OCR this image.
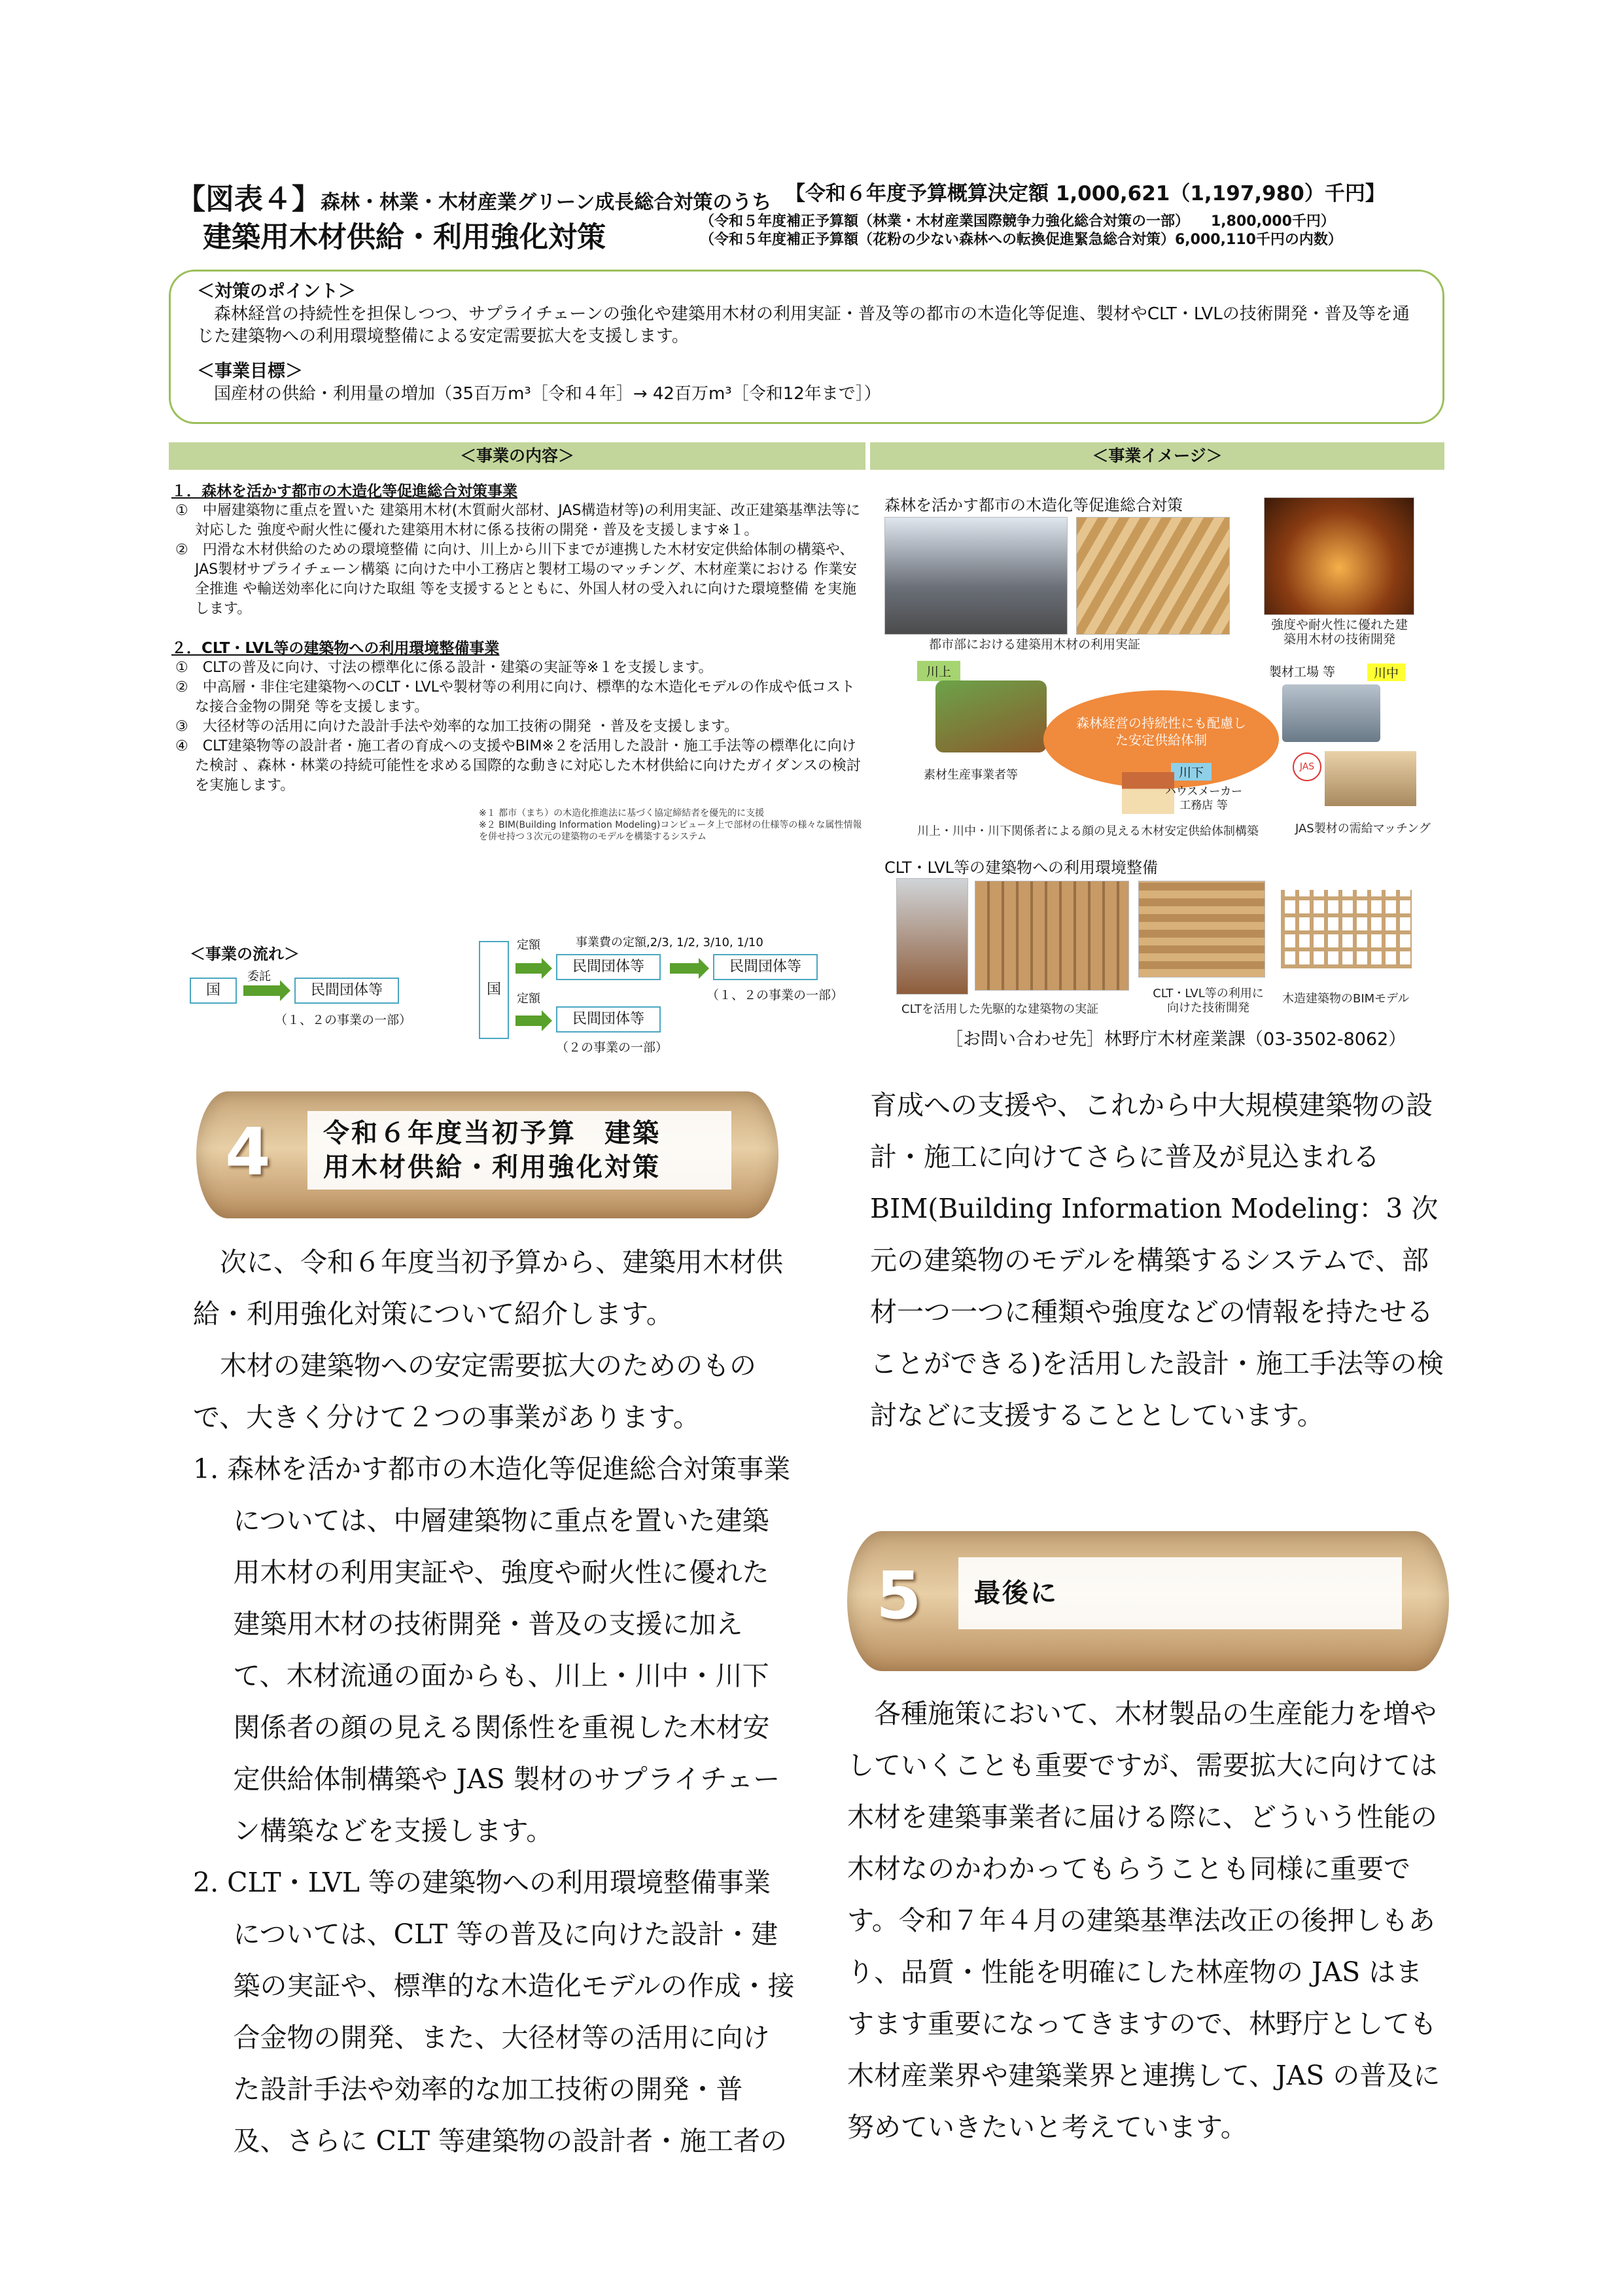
【図表４】森林・林業・木材産業グリーン成長総合対策のうち
建築用木材供給・利用強化対策
【令和６年度予算概算決定額 1,000,621（1,197,980）千円】
（令和５年度補正予算額（林業・木材産業国際競争力強化総合対策の一部）　　1,800,000千円）
（令和５年度補正予算額（花粉の少ない森林への転換促進緊急総合対策）6,000,110千円の内数）
＜対策のポイント＞
森林経営の持続性を担保しつつ、サプライチェーンの強化や建築用木材の利用実証・普及等の都市の木造化等促進、製材やCLT・LVLの技術開発・普及等を通じた建築物への利用環境整備による安定需要拡大を支援します。
＜事業目標＞
国産材の供給・利用量の増加（35百万m³［令和４年］→ 42百万m³［令和12年まで］）
＜事業の内容＞	＜事業イメージ＞
１．森林を活かす都市の木造化等促進総合対策事業
①　中層建築物に重点を置いた 建築用木材(木質耐火部材、JAS構造材等)の利用実証、改正建築基準法等に対応した 強度や耐火性に優れた建築用木材に係る技術の開発・普及を支援します※１。
②　円滑な木材供給のための環境整備 に向け、川上から川下までが連携した木材安定供給体制の構築や、JAS製材サプライチェーン構築 に向けた中小工務店と製材工場のマッチング、木材産業における 作業安全推進 や輸送効率化に向けた取組 等を支援するとともに、外国人材の受入れに向けた環境整備 を実施します。
２．CLT・LVL等の建築物への利用環境整備事業
①　CLTの普及に向け、寸法の標準化に係る設計・建築の実証等※１を支援します。
②　中高層・非住宅建築物へのCLT・LVLや製材等の利用に向け、標準的な木造化モデルの作成や低コストな接合金物の開発 等を支援します。
③　大径材等の活用に向けた設計手法や効率的な加工技術の開発 ・普及を支援します。
④　CLT建築物等の設計者・施工者の育成への支援やBIM※２を活用した設計・施工手法等の標準化に向けた検討 、森林・林業の持続可能性を求める国際的な動きに対応した木材供給に向けたガイダンスの検討 を実施します。
※１ 都市（まち）の木造化推進法に基づく協定締結者を優先的に支援
※２ BIM(Building Information Modeling)コンピュータ上で部材の仕様等の様々な属性情報を併せ持つ３次元の建築物のモデルを構築するシステム
＜事業の流れ＞
国
委託
民間団体等
（１、２の事業の一部）
国
定額
民間団体等
事業費の定額,2/3, 1/2, 3/10, 1/10
民間団体等
（１、２の事業の一部）
定額
民間団体等
（２の事業の一部）
森林を活かす都市の木造化等促進総合対策
都市部における建築用木材の利用実証
強度や耐火性に優れた建築用木材の技術開発
川上
森林経営の持続性にも配慮した安定供給体制
製材工場 等	川中
川下
素材生産事業者等
ハウスメーカー工務店 等
JAS
川上・川中・川下関係者による顔の見える木材安定供給体制構築	JAS製材の需給マッチング
CLT・LVL等の建築物への利用環境整備
CLTを活用した先駆的な建築物の実証
CLT・LVL等の利用に向けた技術開発
木造建築物のBIMモデル
［お問い合わせ先］林野庁木材産業課（03-3502-8062）
4 令和６年度当初予算　建築
用木材供給・利用強化対策

次に、令和６年度当初予算から、建築用木材供給・利用強化対策について紹介します。

木材の建築物への安定需要拡大のためのもので、大きく分けて２つの事業があります。

1. 森林を活かす都市の木造化等促進総合対策事業については、中層建築物に重点を置いた建築用木材の利用実証や、強度や耐火性に優れた建築用木材の技術開発・普及の支援に加えて、木材流通の面からも、川上・川中・川下関係者の顔の見える関係性を重視した木材安定供給体制構築や JAS 製材のサプライチェーン構築などを支援します。

2. CLT・LVL 等の建築物への利用環境整備事業については、CLT 等の普及に向けた設計・建築の実証や、標準的な木造化モデルの作成・接合金物の開発、また、大径材等の活用に向けた設計手法や効率的な加工技術の開発・普及、さらに CLT 等建築物の設計者・施工者の

育成への支援や、これから中大規模建築物の設計・施工に向けてさらに普及が見込まれる BIM(Building Information Modeling：3 次元の建築物のモデルを構築するシステムで、部材一つ一つに種類や強度などの情報を持たせることができる)を活用した設計・施工手法等の検討などに支援することとしています。

5	最後に

各種施策において、木材製品の生産能力を増やしていくことも重要ですが、需要拡大に向けては木材を建築事業者に届ける際に、どういう性能の木材なのかわかってもらうことも同様に重要です。令和７年４月の建築基準法改正の後押しもあり、品質・性能を明確にした林産物の JAS はますます重要になってきますので、林野庁としても木材産業界や建築業界と連携して、JAS の普及に努めていきたいと考えています。
